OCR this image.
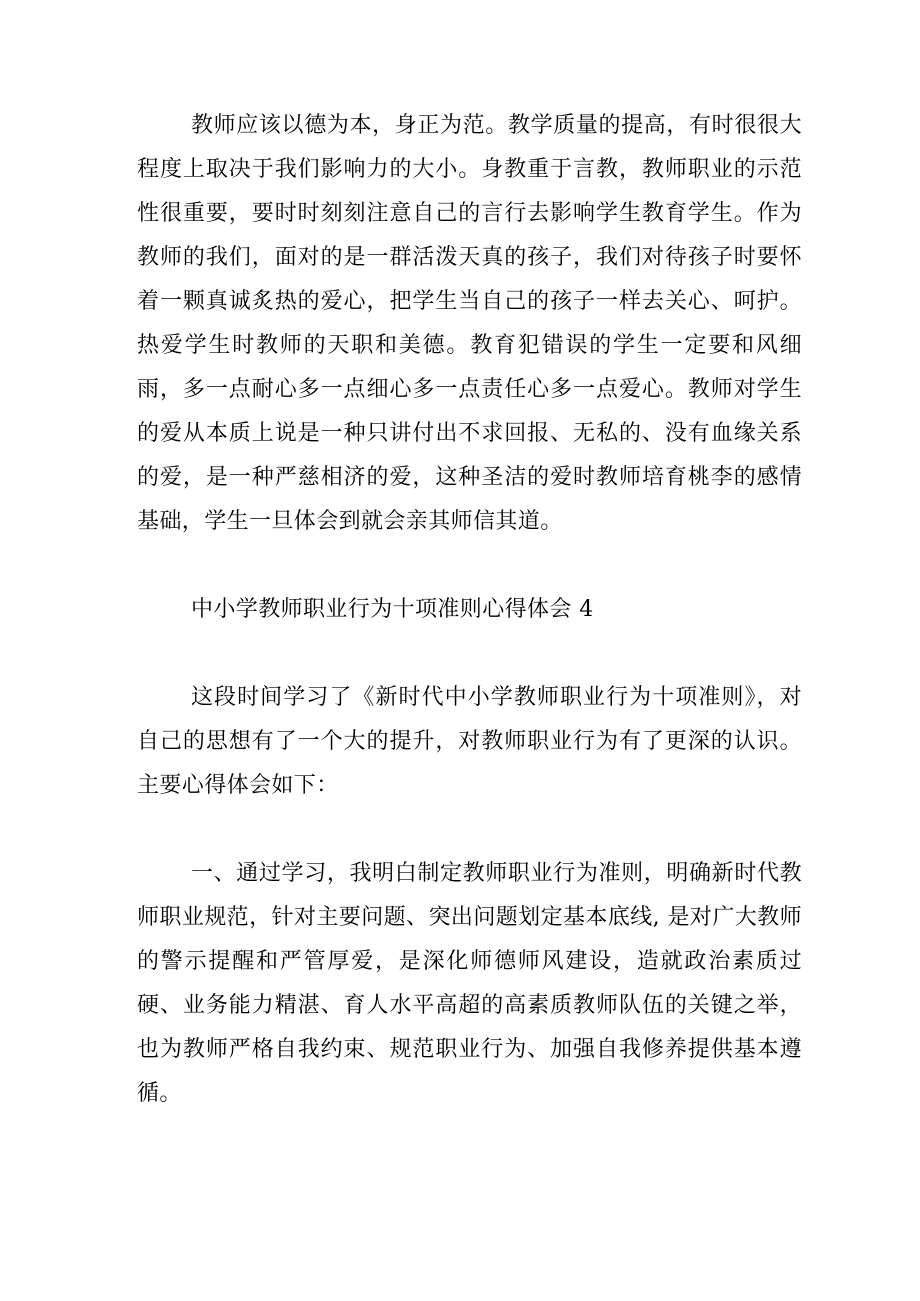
教师应该以德为本，身正为范。教学质量的提高，有时很很大程度上取决于我们影响力的大小。身教重于言教，教师职业的示范性很重要，要时时刻刻注意自己的言行去影响学生教育学生。作为教师的我们，面对的是一群活泼天真的孩子，我们对待孩子时要怀着一颗真诚炙热的爱心，把学生当自己的孩子一样去关心、呵护。热爱学生时教师的天职和美德。教育犯错误的学生一定要和风细雨，多一点耐心多一点细心多一点责任心多一点爱心。教师对学生的爱从本质上说是一种只讲付出不求回报、无私的、没有血缘关系的爱，是一种严慈相济的爱，这种圣洁的爱时教师培育桃李的感情基础，学生一旦体会到就会亲其师信其道。

中小学教师职业行为十项准则心得体会 4

这段时间学习了《新时代中小学教师职业行为十项准则》，对自己的思想有了一个大的提升，对教师职业行为有了更深的认识。主要心得体会如下：

一、通过学习，我明白制定教师职业行为准则，明确新时代教师职业规范，针对主要问题、突出问题划定基本底线, 是对广大教师的警示提醒和严管厚爱，是深化师德师风建设，造就政治素质过硬、业务能力精湛、育人水平高超的高素质教师队伍的关键之举，也为教师严格自我约束、规范职业行为、加强自我修养提供基本遵循。
